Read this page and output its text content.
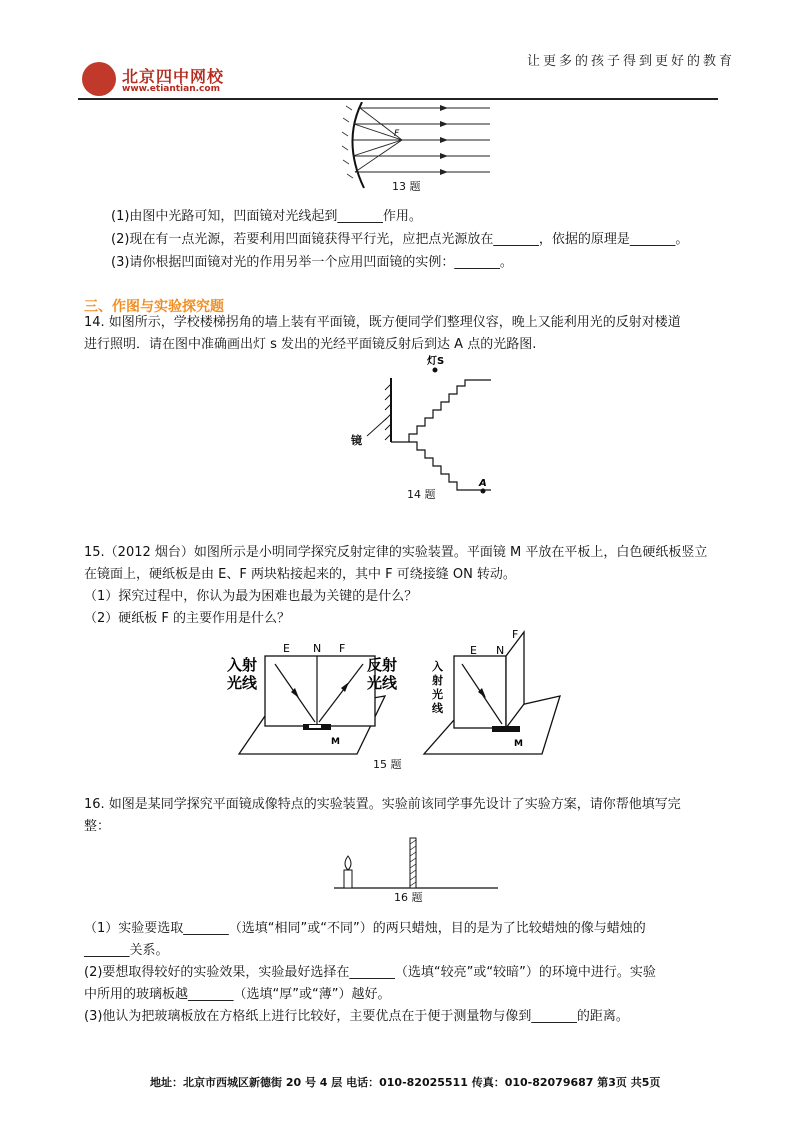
北京四中网校
www.etiantian.com
让更多的孩子得到更好的教育
F
13 题
(1)由图中光路可知，凹面镜对光线起到_______作用。
(2)现在有一点光源，若要利用凹面镜获得平行光，应把点光源放在_______，依据的原理是_______。
(3)请你根据凹面镜对光的作用另举一个应用凹面镜的实例：_______。
三、作图与实验探究题
14. 如图所示，学校楼梯拐角的墙上装有平面镜，既方便同学们整理仪容，晚上又能利用光的反射对楼道
进行照明．请在图中准确画出灯 s 发出的光经平面镜反射后到达 A 点的光路图.
灯S
镜
A
14 题
15.（2012 烟台）如图所示是小明同学探究反射定律的实验装置。平面镜 M 平放在平板上，白色硬纸板竖立
在镜面上，硬纸板是由 E、F 两块粘接起来的，其中 F 可绕接缝 ON 转动。
（1）探究过程中，你认为最为困难也最为关键的是什么？
（2）硬纸板 F 的主要作用是什么？
E N F
M
入射
光线
反射
光线
E N
F
M
入
射
光
线
15 题
16. 如图是某同学探究平面镜成像特点的实验装置。实验前该同学事先设计了实验方案，请你帮他填写完
整：
16 题
（1）实验要选取_______（选填“相同”或“不同”）的两只蜡烛，目的是为了比较蜡烛的像与蜡烛的
_______关系。
(2)要想取得较好的实验效果，实验最好选择在_______（选填“较亮”或“较暗”）的环境中进行。实验
中所用的玻璃板越_______（选填“厚”或“薄”）越好。
(3)他认为把玻璃板放在方格纸上进行比较好，主要优点在于便于测量物与像到_______的距离。
地址：北京市西城区新德街 20 号 4 层 电话：010-82025511 传真：010-82079687 第3页 共5页
